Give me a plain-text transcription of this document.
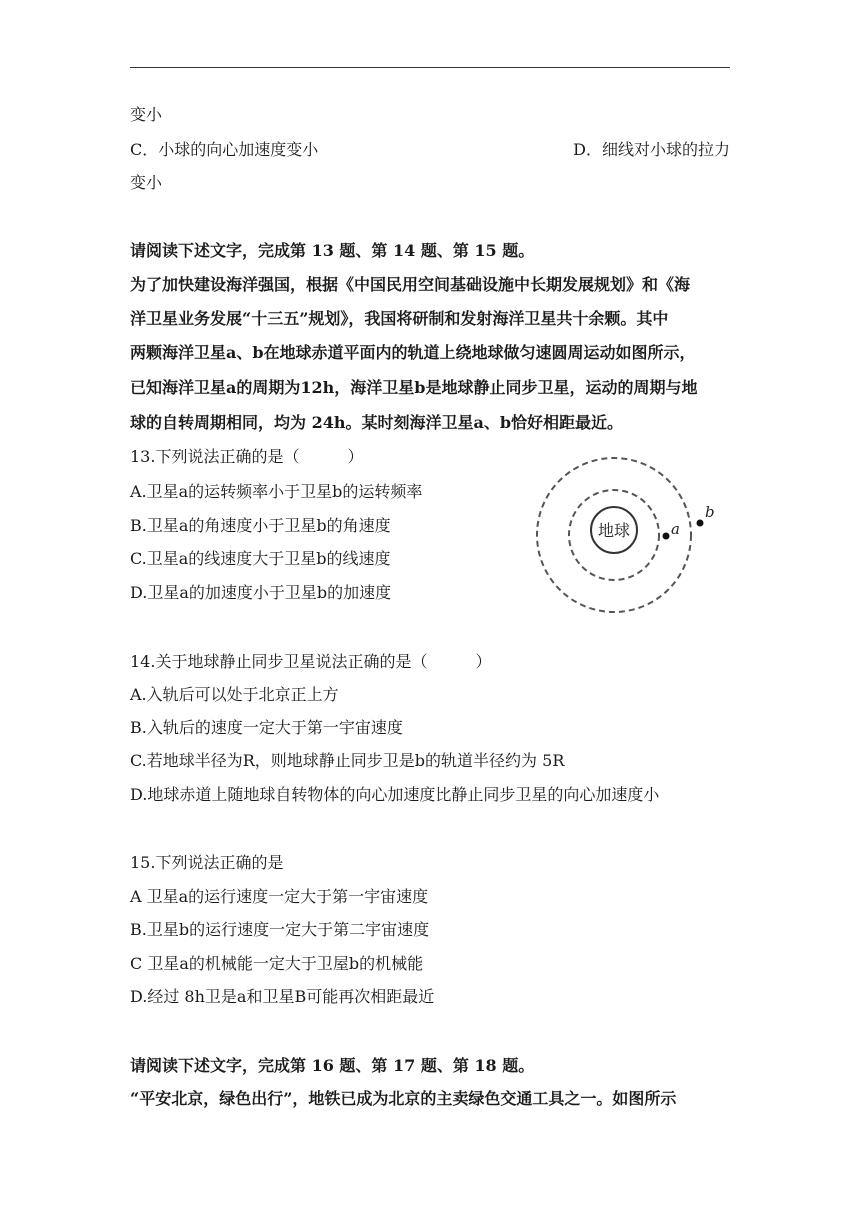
变小
C．小球的向心加速度变小	D．细线对小球的拉力
变小
请阅读下述文字，完成第 13 题、第 14 题、第 15 题。
为了加快建设海洋强国，根据《中国民用空间基础设施中长期发展规划》和《海
洋卫星业务发展“十三五”规划》，我国将研制和发射海洋卫星共十余颗。其中
两颗海洋卫星a、b在地球赤道平面内的轨道上绕地球做匀速圆周运动如图所示，
已知海洋卫星a的周期为12h，海洋卫星b是地球静止同步卫星，运动的周期与地
球的自转周期相同，均为 24h。某时刻海洋卫星a、b恰好相距最近。
13.下列说法正确的是（　　　）
A.卫星a的运转频率小于卫星b的运转频率
B.卫星a的角速度小于卫星b的角速度
C.卫星a的线速度大于卫星b的线速度
D.卫星a的加速度小于卫星b的加速度
地球	a
b
14.关于地球静止同步卫星说法正确的是（　　　）
A.入轨后可以处于北京正上方
B.入轨后的速度一定大于第一宇宙速度
C.若地球半径为R，则地球静止同步卫是b的轨道半径约为 5R
D.地球赤道上随地球自转物体的向心加速度比静止同步卫星的向心加速度小
15.下列说法正确的是
A 卫星a的运行速度一定大于第一宇宙速度
B.卫星b的运行速度一定大于第二宇宙速度
C 卫星a的机械能一定大于卫屋b的机械能
D.经过 8h卫是a和卫星B可能再次相距最近
请阅读下述文字，完成第 16 题、第 17 题、第 18 题。
“平安北京，绿色出行”，地铁已成为北京的主卖绿色交通工具之一。如图所示
